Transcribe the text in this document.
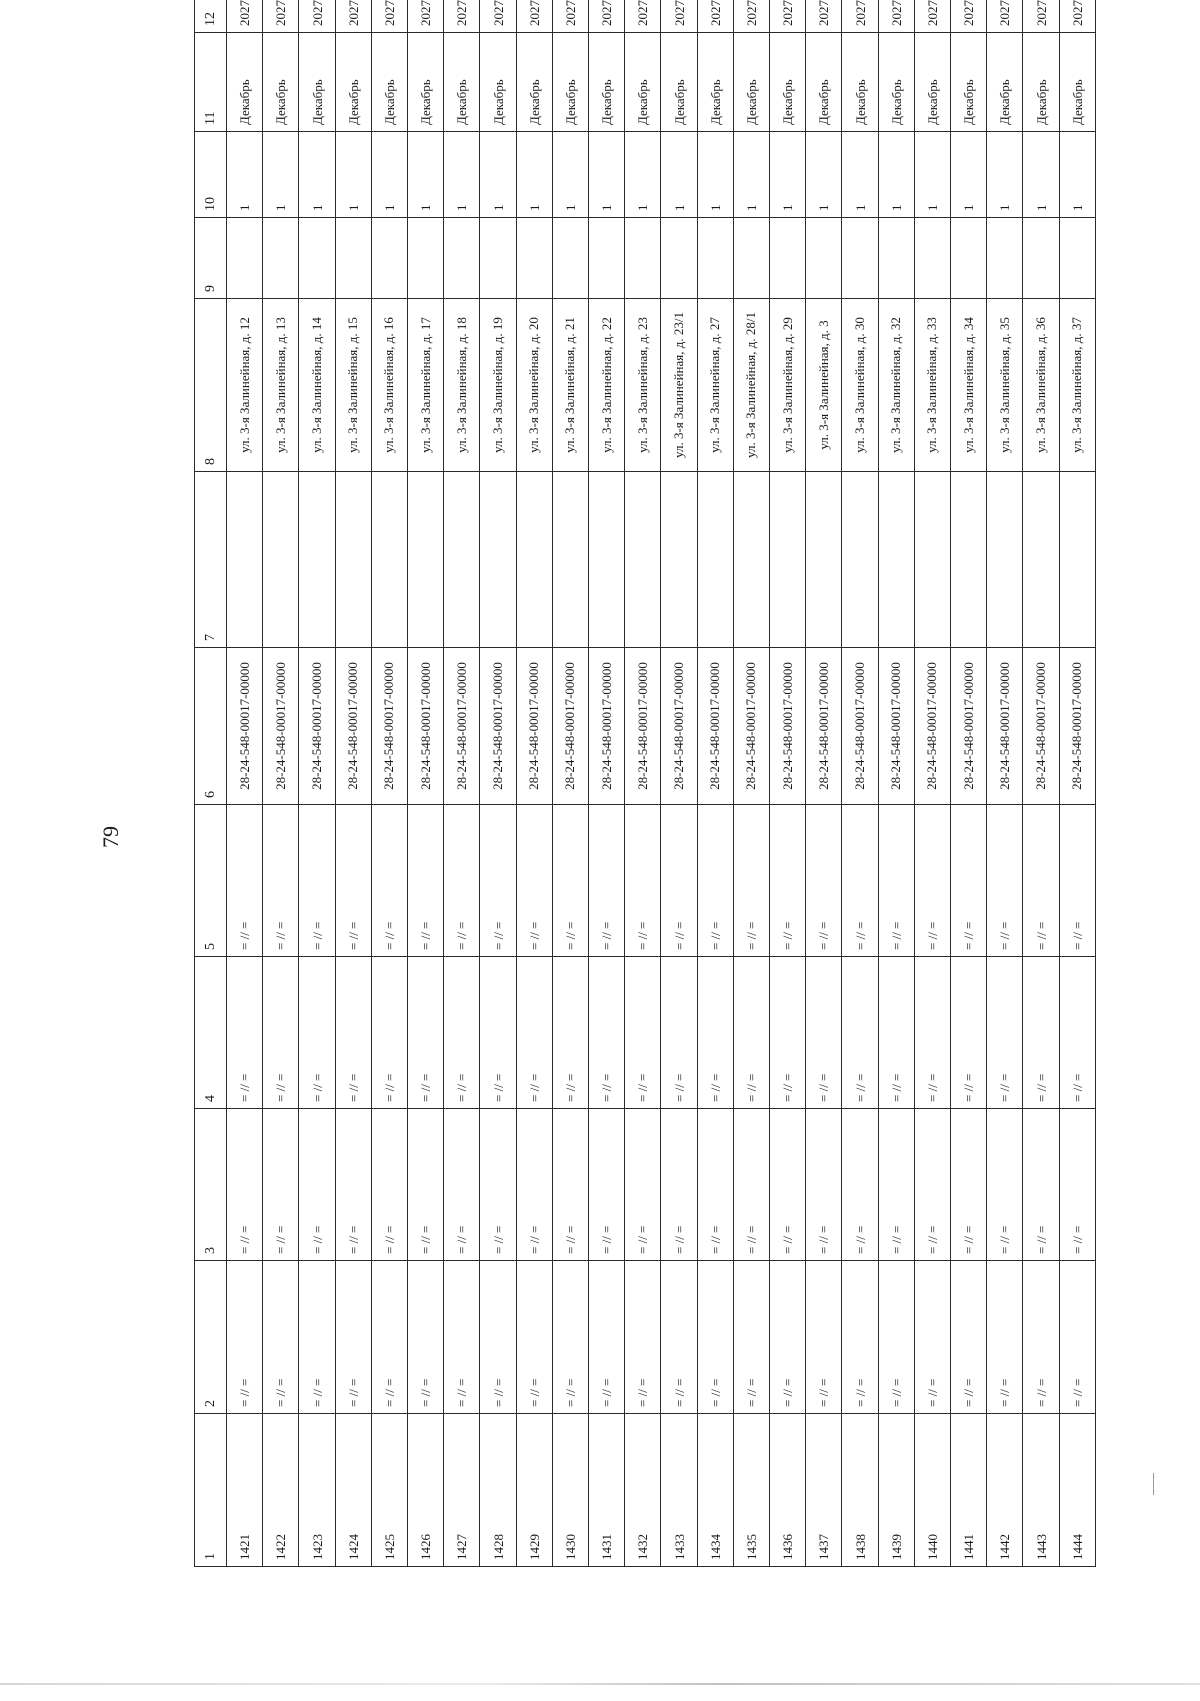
79
1	2	3	4	5	6	7	8	9	10	11	12
1421	= // =	= // =	= // =	= // =	28-24-548-00017-00000		ул. 3-я Залинейная, д. 12		1	Декабрь	2027
1422	= // =	= // =	= // =	= // =	28-24-548-00017-00000		ул. 3-я Залинейная, д. 13		1	Декабрь	2027
1423	= // =	= // =	= // =	= // =	28-24-548-00017-00000		ул. 3-я Залинейная, д. 14		1	Декабрь	2027
1424	= // =	= // =	= // =	= // =	28-24-548-00017-00000		ул. 3-я Залинейная, д. 15		1	Декабрь	2027
1425	= // =	= // =	= // =	= // =	28-24-548-00017-00000		ул. 3-я Залинейная, д. 16		1	Декабрь	2027
1426	= // =	= // =	= // =	= // =	28-24-548-00017-00000		ул. 3-я Залинейная, д. 17		1	Декабрь	2027
1427	= // =	= // =	= // =	= // =	28-24-548-00017-00000		ул. 3-я Залинейная, д. 18		1	Декабрь	2027
1428	= // =	= // =	= // =	= // =	28-24-548-00017-00000		ул. 3-я Залинейная, д. 19		1	Декабрь	2027
1429	= // =	= // =	= // =	= // =	28-24-548-00017-00000		ул. 3-я Залинейная, д. 20		1	Декабрь	2027
1430	= // =	= // =	= // =	= // =	28-24-548-00017-00000		ул. 3-я Залинейная, д. 21		1	Декабрь	2027
1431	= // =	= // =	= // =	= // =	28-24-548-00017-00000		ул. 3-я Залинейная, д. 22		1	Декабрь	2027
1432	= // =	= // =	= // =	= // =	28-24-548-00017-00000		ул. 3-я Залинейная, д. 23		1	Декабрь	2027
1433	= // =	= // =	= // =	= // =	28-24-548-00017-00000		ул. 3-я Залинейная, д. 23/1		1	Декабрь	2027
1434	= // =	= // =	= // =	= // =	28-24-548-00017-00000		ул. 3-я Залинейная, д. 27		1	Декабрь	2027
1435	= // =	= // =	= // =	= // =	28-24-548-00017-00000		ул. 3-я Залинейная, д. 28/1		1	Декабрь	2027
1436	= // =	= // =	= // =	= // =	28-24-548-00017-00000		ул. 3-я Залинейная, д. 29		1	Декабрь	2027
1437	= // =	= // =	= // =	= // =	28-24-548-00017-00000		ул. 3-я Залинейная, д. 3		1	Декабрь	2027
1438	= // =	= // =	= // =	= // =	28-24-548-00017-00000		ул. 3-я Залинейная, д. 30		1	Декабрь	2027
1439	= // =	= // =	= // =	= // =	28-24-548-00017-00000		ул. 3-я Залинейная, д. 32		1	Декабрь	2027
1440	= // =	= // =	= // =	= // =	28-24-548-00017-00000		ул. 3-я Залинейная, д. 33		1	Декабрь	2027
1441	= // =	= // =	= // =	= // =	28-24-548-00017-00000		ул. 3-я Залинейная, д. 34		1	Декабрь	2027
1442	= // =	= // =	= // =	= // =	28-24-548-00017-00000		ул. 3-я Залинейная, д. 35		1	Декабрь	2027
1443	= // =	= // =	= // =	= // =	28-24-548-00017-00000		ул. 3-я Залинейная, д. 36		1	Декабрь	2027
1444	= // =	= // =	= // =	= // =	28-24-548-00017-00000		ул. 3-я Залинейная, д. 37		1	Декабрь	2027
